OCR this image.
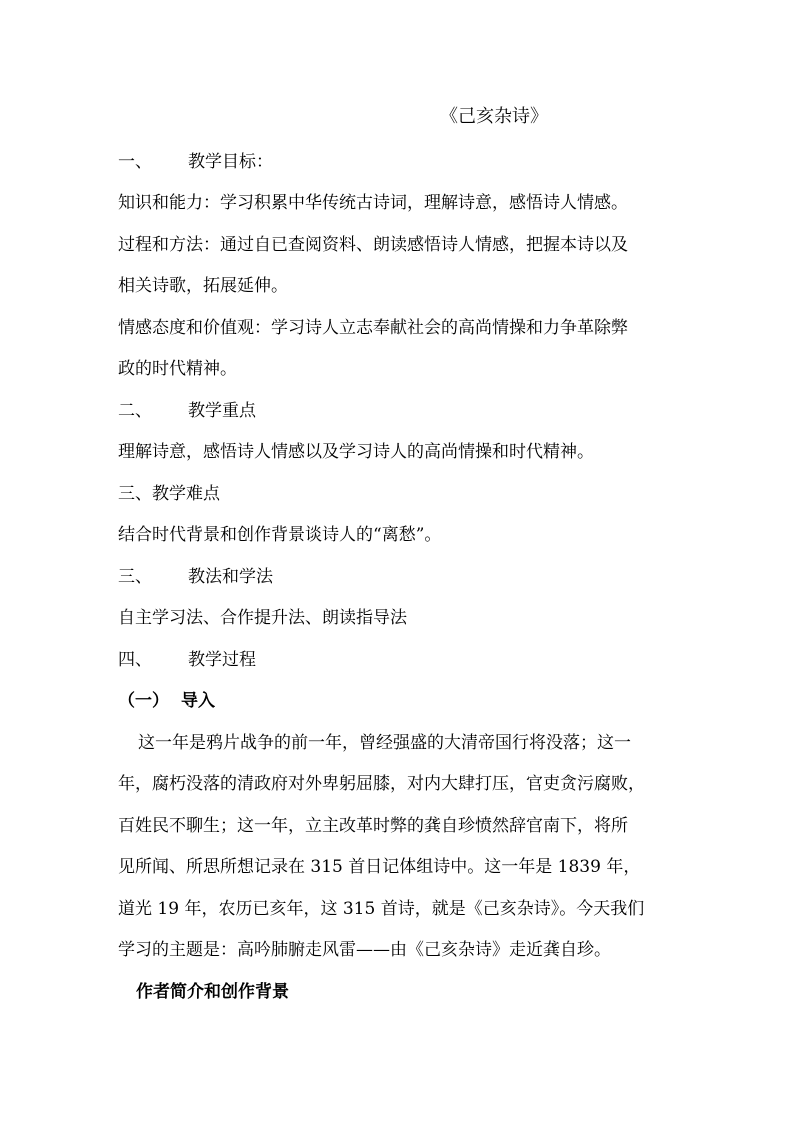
《己亥杂诗》
一、 教学目标：
知识和能力：学习积累中华传统古诗词，理解诗意，感悟诗人情感。
过程和方法：通过自已查阅资料、朗读感悟诗人情感，把握本诗以及
相关诗歌，拓展延伸。
情感态度和价值观：学习诗人立志奉献社会的高尚情操和力争革除弊
政的时代精神。
二、 教学重点
理解诗意，感悟诗人情感以及学习诗人的高尚情操和时代精神。
三、教学难点
结合时代背景和创作背景谈诗人的“离愁”。
三、 教法和学法
自主学习法、合作提升法、朗读指导法
四、 教学过程
（一） 导入
这一年是鸦片战争的前一年，曾经强盛的大清帝国行将没落；这一
年，腐朽没落的清政府对外卑躬屈膝，对内大肆打压，官吏贪污腐败，
百姓民不聊生；这一年，立主改革时弊的龚自珍愤然辞官南下，将所
见所闻、所思所想记录在 315 首日记体组诗中。这一年是 1839 年，
道光 19 年，农历已亥年，这 315 首诗，就是《己亥杂诗》。今天我们
学习的主题是：高吟肺腑走风雷——由《己亥杂诗》走近龚自珍。
作者简介和创作背景
